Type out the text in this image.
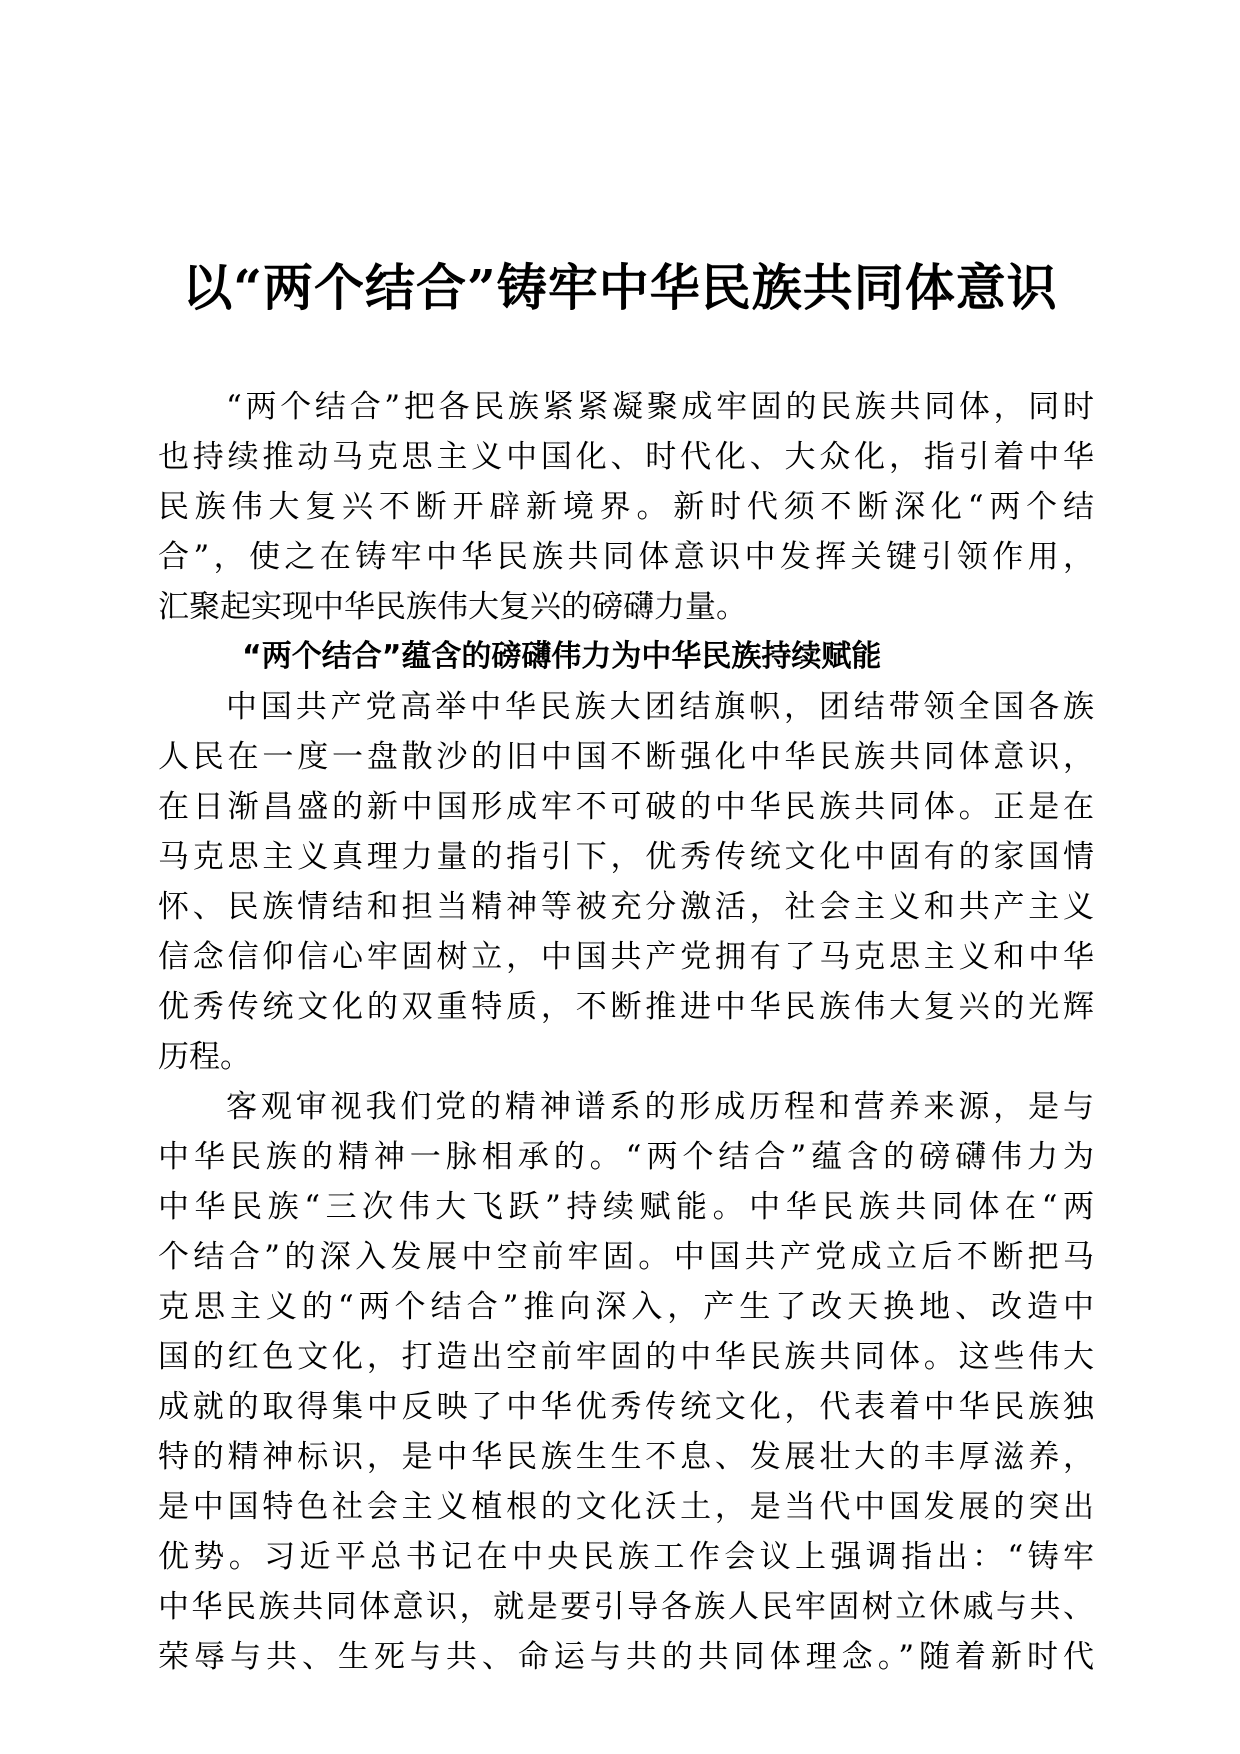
以“两个结合”铸牢中华民族共同体意识
“两个结合”把各民族紧紧凝聚成牢固的民族共同体，同时
也持续推动马克思主义中国化、时代化、大众化，指引着中华
民族伟大复兴不断开辟新境界。新时代须不断深化“两个结
合”，使之在铸牢中华民族共同体意识中发挥关键引领作用，
汇聚起实现中华民族伟大复兴的磅礴力量。
“两个结合”蕴含的磅礴伟力为中华民族持续赋能
中国共产党高举中华民族大团结旗帜，团结带领全国各族
人民在一度一盘散沙的旧中国不断强化中华民族共同体意识，
在日渐昌盛的新中国形成牢不可破的中华民族共同体。正是在
马克思主义真理力量的指引下，优秀传统文化中固有的家国情
怀、民族情结和担当精神等被充分激活，社会主义和共产主义
信念信仰信心牢固树立，中国共产党拥有了马克思主义和中华
优秀传统文化的双重特质，不断推进中华民族伟大复兴的光辉
历程。
客观审视我们党的精神谱系的形成历程和营养来源，是与
中华民族的精神一脉相承的。“两个结合”蕴含的磅礴伟力为
中华民族“三次伟大飞跃”持续赋能。中华民族共同体在“两
个结合”的深入发展中空前牢固。中国共产党成立后不断把马
克思主义的“两个结合”推向深入，产生了改天换地、改造中
国的红色文化，打造出空前牢固的中华民族共同体。这些伟大
成就的取得集中反映了中华优秀传统文化，代表着中华民族独
特的精神标识，是中华民族生生不息、发展壮大的丰厚滋养，
是中国特色社会主义植根的文化沃土，是当代中国发展的突出
优势。习近平总书记在中央民族工作会议上强调指出：“铸牢
中华民族共同体意识，就是要引导各族人民牢固树立休戚与共、
荣辱与共、生死与共、命运与共的共同体理念。”随着新时代
